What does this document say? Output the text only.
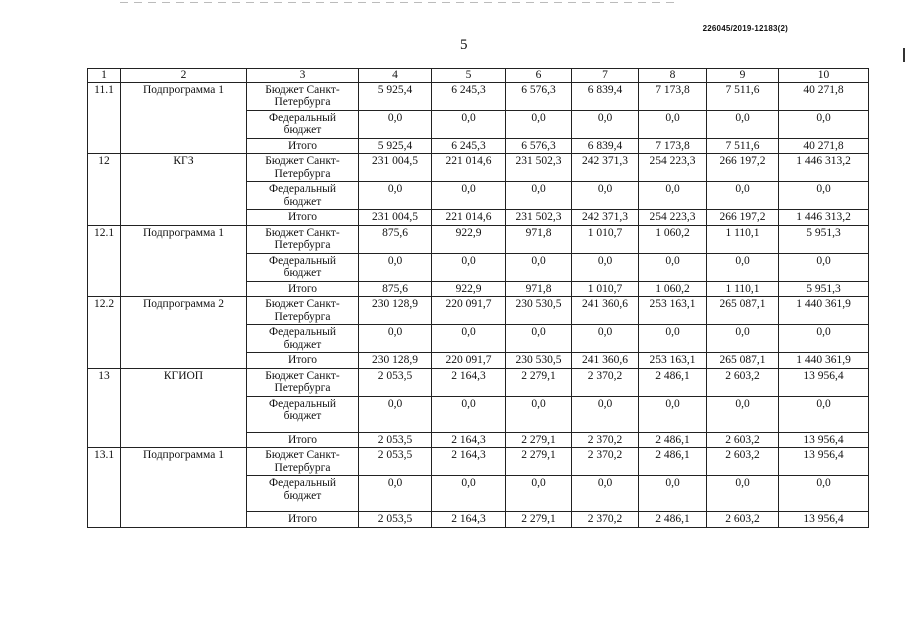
226045/2019-12183(2)
5
1	2	3	4	5	6	7	8	9	10
11.1	Подпрограмма 1	Бюджет Санкт-Петербурга	5 925,4	6 245,3	6 576,3	6 839,4	7 173,8	7 511,6	40 271,8
		Федеральный бюджет	0,0	0,0	0,0	0,0	0,0	0,0	0,0
		Итого	5 925,4	6 245,3	6 576,3	6 839,4	7 173,8	7 511,6	40 271,8
12	КГЗ	Бюджет Санкт-Петербурга	231 004,5	221 014,6	231 502,3	242 371,3	254 223,3	266 197,2	1 446 313,2
		Федеральный бюджет	0,0	0,0	0,0	0,0	0,0	0,0	0,0
		Итого	231 004,5	221 014,6	231 502,3	242 371,3	254 223,3	266 197,2	1 446 313,2
12.1	Подпрограмма 1	Бюджет Санкт-Петербурга	875,6	922,9	971,8	1 010,7	1 060,2	1 110,1	5 951,3
		Федеральный бюджет	0,0	0,0	0,0	0,0	0,0	0,0	0,0
		Итого	875,6	922,9	971,8	1 010,7	1 060,2	1 110,1	5 951,3
12.2	Подпрограмма 2	Бюджет Санкт-Петербурга	230 128,9	220 091,7	230 530,5	241 360,6	253 163,1	265 087,1	1 440 361,9
		Федеральный бюджет	0,0	0,0	0,0	0,0	0,0	0,0	0,0
		Итого	230 128,9	220 091,7	230 530,5	241 360,6	253 163,1	265 087,1	1 440 361,9
13	КГИОП	Бюджет Санкт-Петербурга	2 053,5	2 164,3	2 279,1	2 370,2	2 486,1	2 603,2	13 956,4
		Федеральный бюджет	0,0	0,0	0,0	0,0	0,0	0,0	0,0
		Итого	2 053,5	2 164,3	2 279,1	2 370,2	2 486,1	2 603,2	13 956,4
13.1	Подпрограмма 1	Бюджет Санкт-Петербурга	2 053,5	2 164,3	2 279,1	2 370,2	2 486,1	2 603,2	13 956,4
		Федеральный бюджет	0,0	0,0	0,0	0,0	0,0	0,0	0,0
		Итого	2 053,5	2 164,3	2 279,1	2 370,2	2 486,1	2 603,2	13 956,4
